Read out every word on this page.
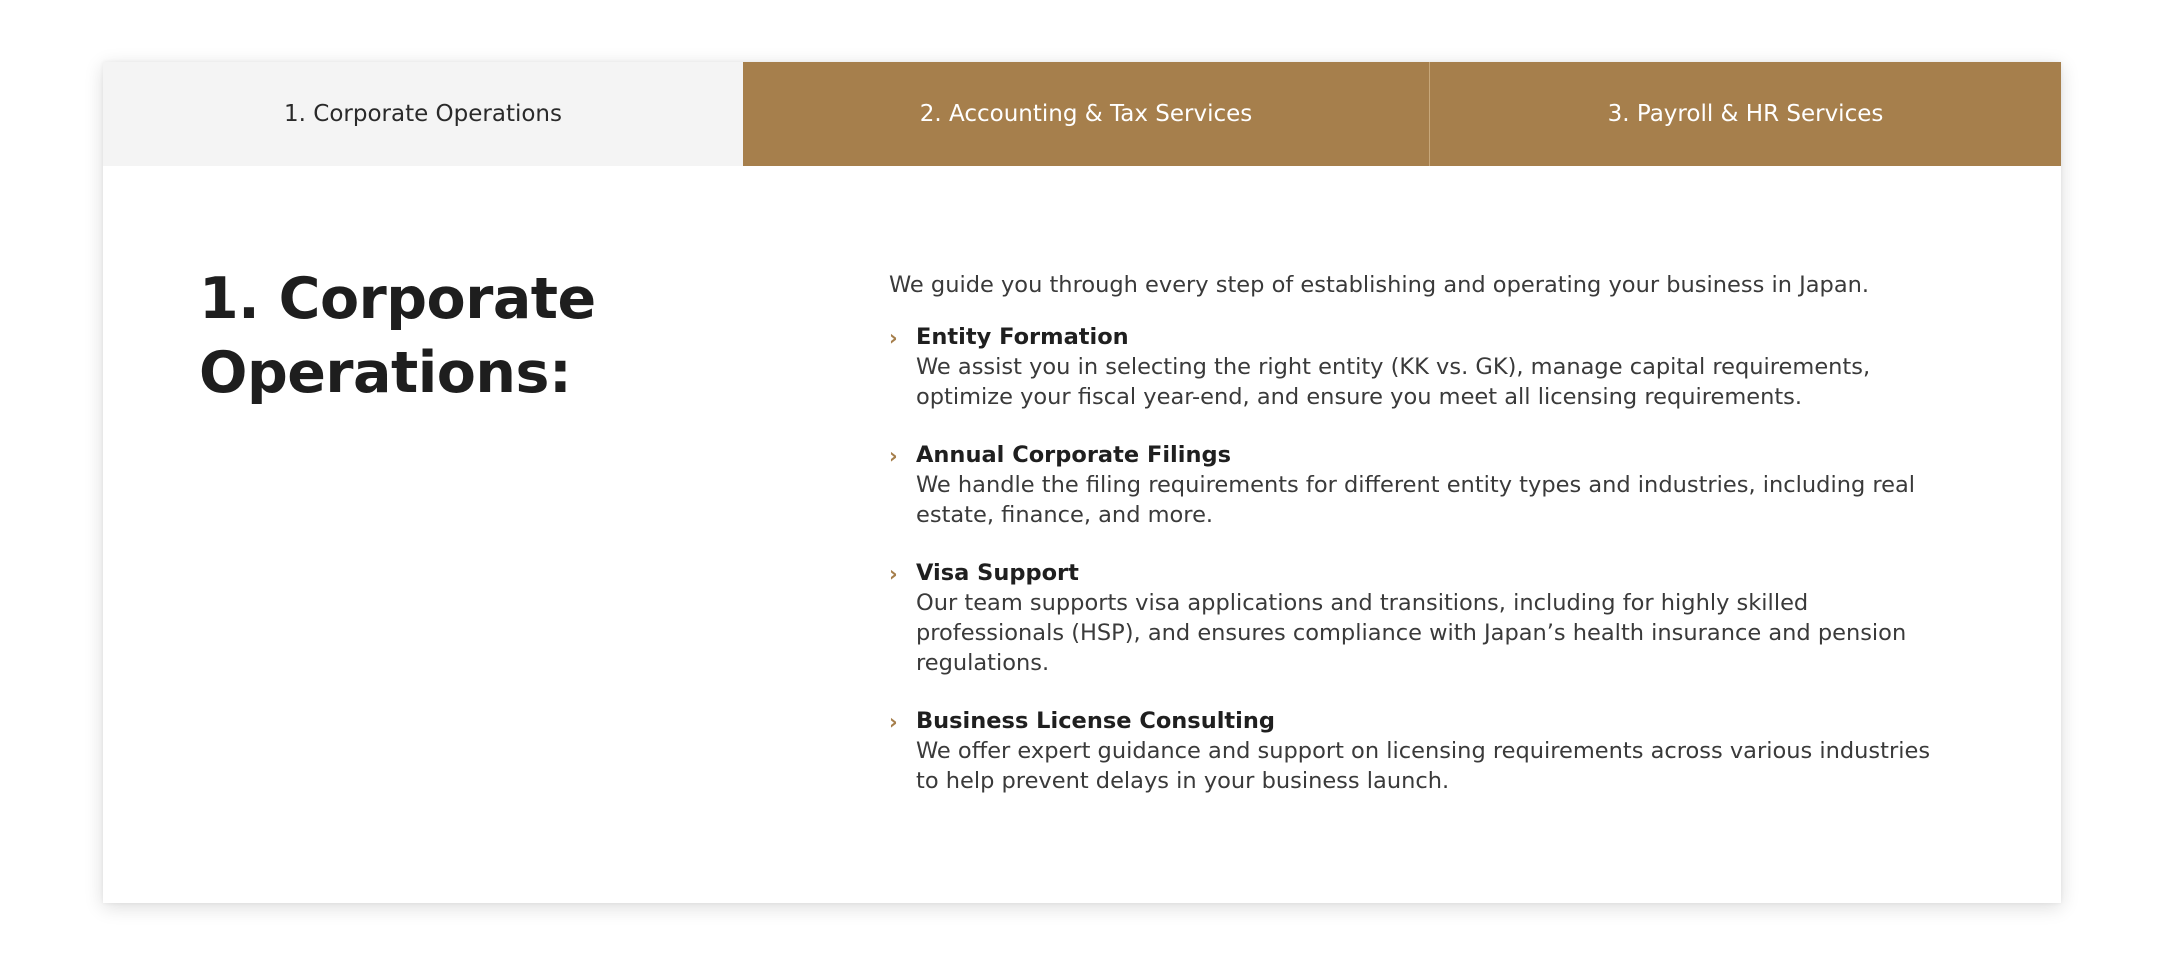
1. Corporate Operations	2. Accounting & Tax Services	3. Payroll & HR Services
1. Corporate Operations:

We guide you through every step of establishing and operating your business in Japan.

› Entity Formation
We assist you in selecting the right entity (KK vs. GK), manage capital requirements, optimize your fiscal year-end, and ensure you meet all licensing requirements.
› Annual Corporate Filings
We handle the filing requirements for different entity types and industries, including real estate, finance, and more.
› Visa Support
Our team supports visa applications and transitions, including for highly skilled professionals (HSP), and ensures compliance with Japan’s health insurance and pension regulations.
› Business License Consulting
We offer expert guidance and support on licensing requirements across various industries to help prevent delays in your business launch.
